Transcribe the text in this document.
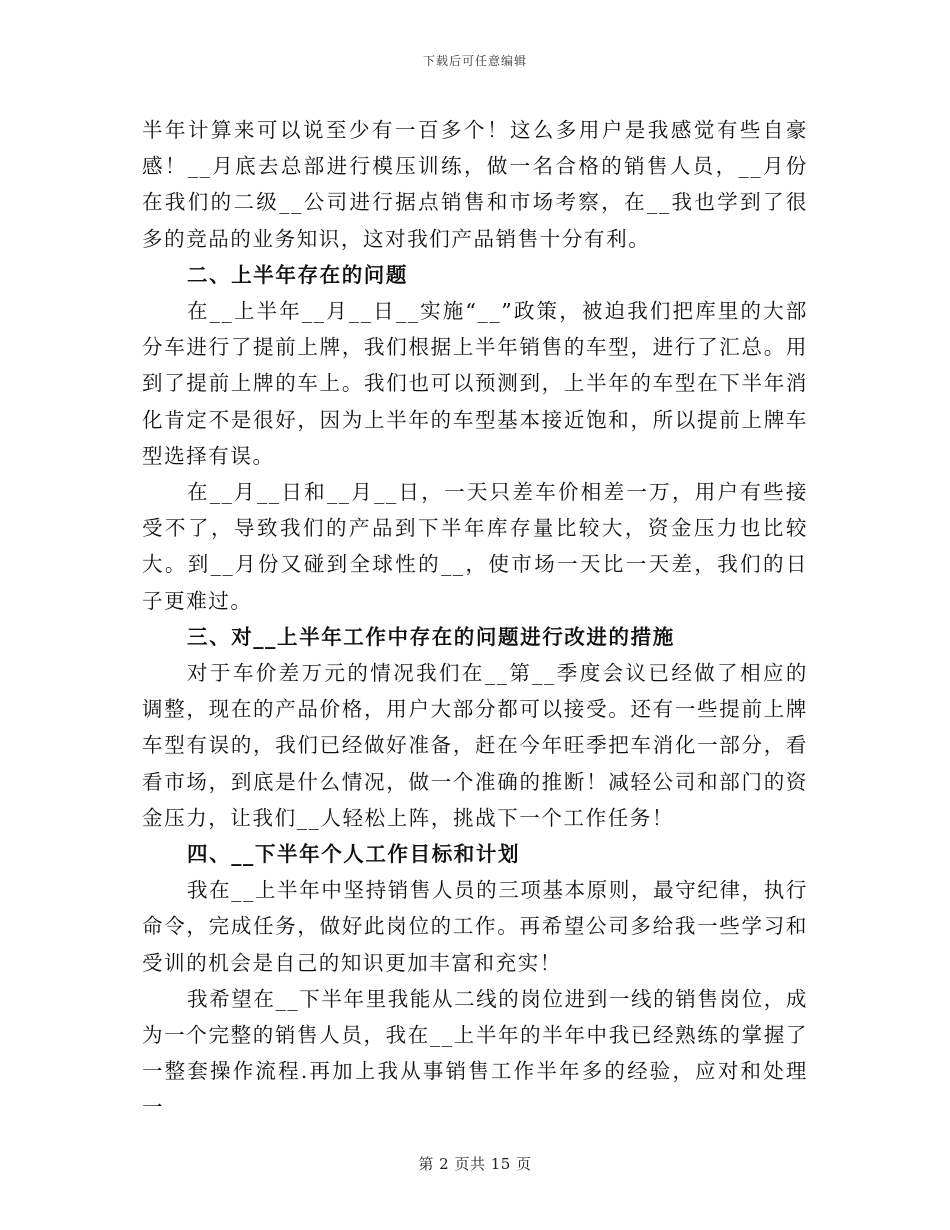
下载后可任意编辑

半年计算来可以说至少有一百多个！这么多用户是我感觉有些自豪感！__月底去总部进行模压训练，做一名合格的销售人员，__月份在我们的二级__公司进行据点销售和市场考察，在__我也学到了很多的竞品的业务知识，这对我们产品销售十分有利。

二、上半年存在的问题

在__上半年__月__日__实施“__”政策，被迫我们把库里的大部分车进行了提前上牌，我们根据上半年销售的车型，进行了汇总。用到了提前上牌的车上。我们也可以预测到，上半年的车型在下半年消化肯定不是很好，因为上半年的车型基本接近饱和，所以提前上牌车型选择有误。

在__月__日和__月__日，一天只差车价相差一万，用户有些接受不了，导致我们的产品到下半年库存量比较大，资金压力也比较大。到__月份又碰到全球性的__，使市场一天比一天差，我们的日子更难过。

三、对__上半年工作中存在的问题进行改进的措施

对于车价差万元的情况我们在__第__季度会议已经做了相应的调整，现在的产品价格，用户大部分都可以接受。还有一些提前上牌车型有误的，我们已经做好准备，赶在今年旺季把车消化一部分，看看市场，到底是什么情况，做一个准确的推断！减轻公司和部门的资金压力，让我们__人轻松上阵，挑战下一个工作任务！

四、__下半年个人工作目标和计划

我在__上半年中坚持销售人员的三项基本原则，最守纪律，执行命令，完成任务，做好此岗位的工作。再希望公司多给我一些学习和受训的机会是自己的知识更加丰富和充实！

我希望在__下半年里我能从二线的岗位进到一线的销售岗位，成为一个完整的销售人员，我在__上半年的半年中我已经熟练的掌握了一整套操作流程.再加上我从事销售工作半年多的经验，应对和处理一

第 2 页共 15 页
